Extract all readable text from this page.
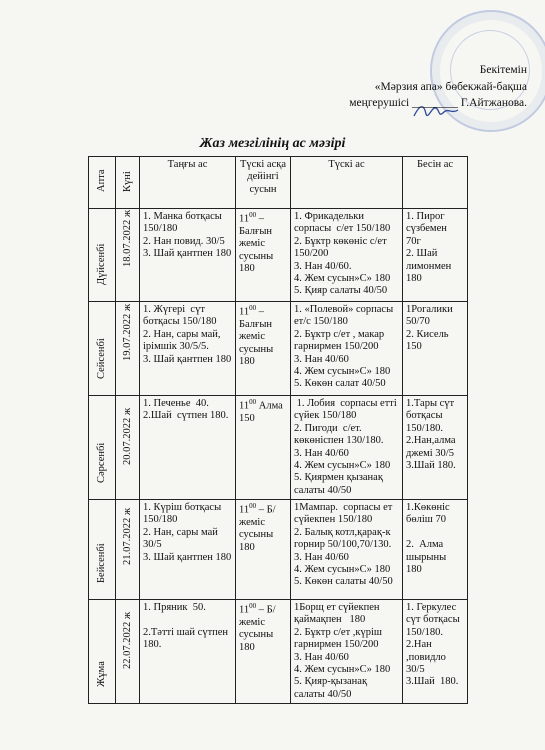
Бекітемін
«Мәрзия апа» бөбекжай-бақша
меңгерушісі ________ Г.Айтжанова.
Жаз мезгілінің ас мәзірі
Апта	Күні	Таңғы ас	Түскі асқа дейінгі сусын	Түскі ас	Бесін ас

Дүйсенбі	18.07.2022 ж	1. Манка ботқасы 150/180
2. Нан повид. 30/5
3. Шай қантпен 180	$11^{00}$ – Балғын жеміс сусыны 180	1. Фрикадельки сорпасы  с/ет 150/180
2. Бұктр көкөніс с/ет 150/200
3. Нан 40/60.
4. Жем сусын»С» 180
5. Қияр салаты 40/50	1. Пирог сүзбемен 70г
2. Шай лимонмен 180

Сейсенбі	19.07.2022 ж	1. Жүгері  сүт ботқасы 150/180
2. Нан, сары май, ірімшік 30/5/5.
3. Шай қантпен 180	$11^{00}$ – Балғын жеміс сусыны 180	1. «Полевой» сорпасы ет/с 150/180
2. Бұктр с/ет , макар гарнирмен 150/200
3. Нан 40/60
4. Жем сусын»С» 180
5. Көкөн салат 40/50	1Рогалики 50/70
2. Кисель 150

Сәрсенбі	20.07.2022 ж	1. Печенье  40.
2.Шай  сүтпен 180.	$11^{00}$ Алма 150	1. Лобия  сорпасы етті сүйек 150/180
2. Пигоди  с/ет. көкөніспен 130/180.
3. Нан 40/60
4. Жем сусын»С» 180
5. Қиярмен қызанақ салаты 40/50	1.Тары сүт ботқасы 150/180.
2.Нан,алма джемі 30/5
3.Шай 180.

Бейсенбі	21.07.2022 ж	1. Күріш ботқасы 150/180
2. Нан, сары май 30/5
3. Шай қантпен 180	$11^{00}$ – Б/жеміс сусыны 180	1Мампар.  сорпасы ет сүйекпен 150/180
2. Балық котл,қарақ-к горнир 50/100,70/130.
3. Нан 40/60
4. Жем сусын»С» 180
5. Көкөн салаты 40/50	1.Көкөніс бөліш 70

2.  Алма шырыны 180

Жұма	22.07.2022 ж	1. Пряник  50.

2.Тәтті шай сүтпен 180.	$11^{00}$ – Б/жеміс сусыны 180	1Борщ ет сүйекпен қаймақпен   180
2. Бұктр с/ет ,күріш гарнирмен 150/200
3. Нан 40/60
4. Жем сусын»С» 180
5. Қияр-қызанақ салаты 40/50	1. Геркулес сүт ботқасы 150/180.
2.Нан ,повидло 30/5
3.Шай  180.
